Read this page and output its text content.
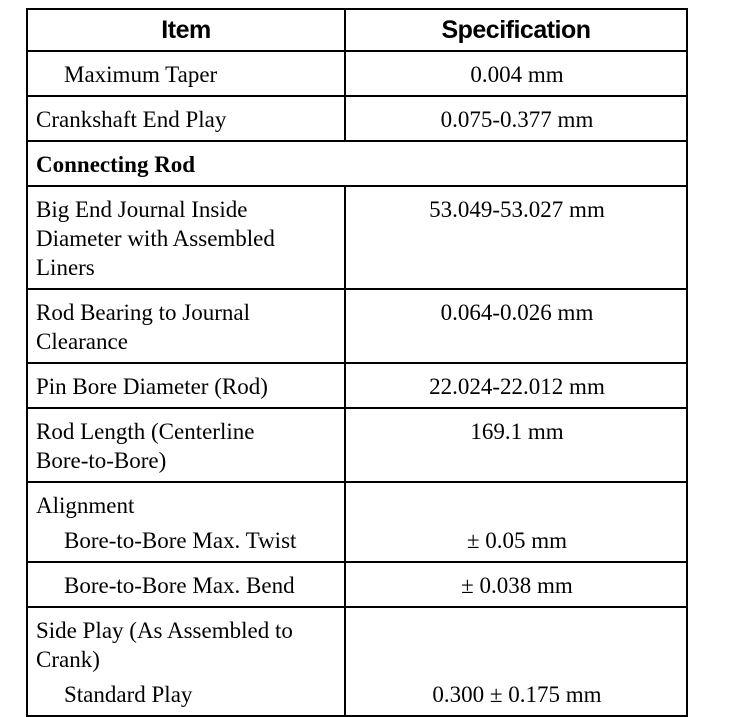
Item	Specification

Maximum Taper	0.004 mm

Crankshaft End Play	0.075-0.377 mm

Connecting Rod	

Big End Journal Inside
Diameter with Assembled
Liners	53.049-53.027 mm

Rod Bearing to Journal
Clearance	0.064-0.026 mm

Pin Bore Diameter (Rod)	22.024-22.012 mm

Rod Length (Centerline
Bore-to-Bore)	169.1 mm

Alignment
Bore-to-Bore Max. Twist	± 0.05 mm

Bore-to-Bore Max. Bend	± 0.038 mm

Side Play (As Assembled to
Crank)
Standard Play	0.300 ± 0.175 mm
